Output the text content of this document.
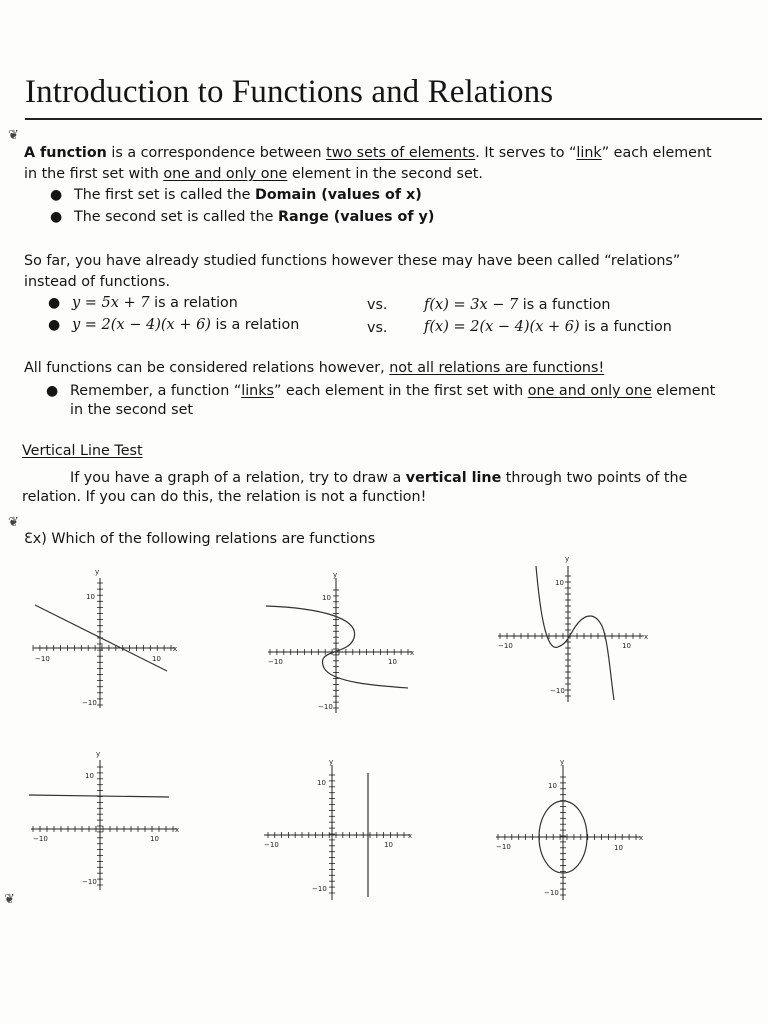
Introduction to Functions and Relations
❦
❦
❦
A function is a correspondence between two sets of elements. It serves to “link” each element
in the first set with one and only one element in the second set.
● The first set is called the Domain (values of x)
● The second set is called the Range (values of y)
So far, you have already studied functions however these may have been called “relations”
instead of functions.
● y = 5x + 7 is a relation	vs.	f(x) = 3x − 7 is a function
● y = 2(x − 4)(x + 6) is a relation	vs.	f(x) = 2(x − 4)(x + 6) is a function
All functions can be considered relations however, not all relations are functions!
● Remember, a function “links” each element in the first set with one and only one element
in the second set
Vertical Line Test
If you have a graph of a relation, try to draw a vertical line through two points of the
relation. If you can do this, the relation is not a function!
Ɛx) Which of the following relations are functions
x
y
10
−10
10
−10
x
y
10
−10
10
−10
x
y
10
−10
10
−10
x
y
10
−10
10
−10	x
y
10
−10
10
−10
x
y
10
−10
10
−10
